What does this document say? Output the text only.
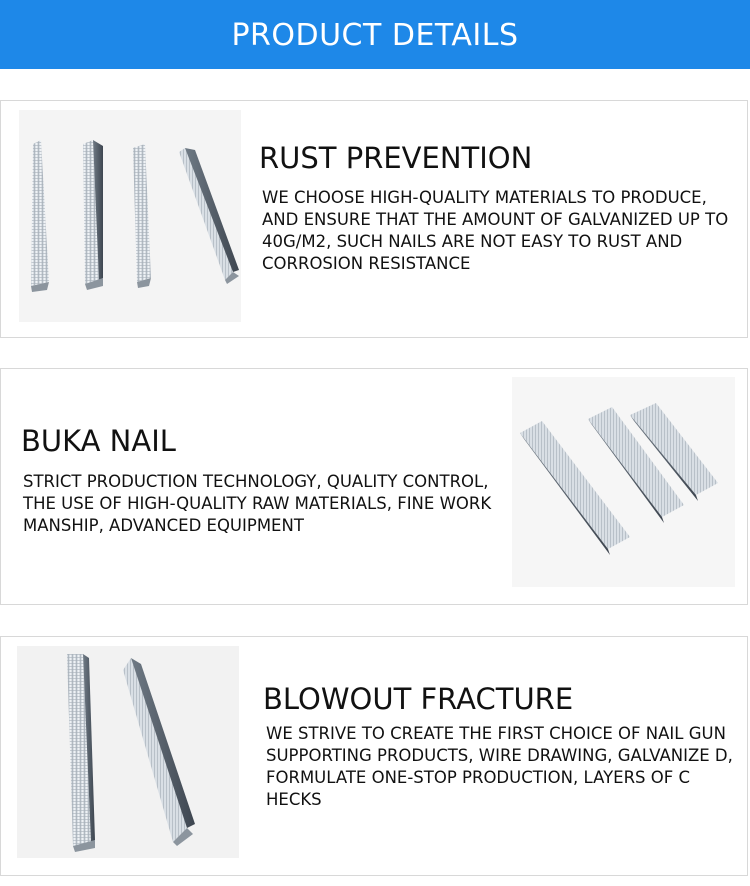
PRODUCT DETAILS
RUST PREVENTION

WE CHOOSE HIGH-QUALITY MATERIALS TO PRODUCE, AND ENSURE THAT THE AMOUNT OF GALVANIZED UP TO 40G/M2, SUCH NAILS ARE NOT EASY TO RUST AND CORROSION RESISTANCE

BUKA NAIL

STRICT PRODUCTION TECHNOLOGY, QUALITY CONTROL, THE USE OF HIGH-QUALITY RAW MATERIALS, FINE WORK MANSHIP, ADVANCED EQUIPMENT

BLOWOUT FRACTURE

WE STRIVE TO CREATE THE FIRST CHOICE OF NAIL GUN SUPPORTING PRODUCTS, WIRE DRAWING, GALVANIZE D, FORMULATE ONE-STOP PRODUCTION, LAYERS OF C HECKS
